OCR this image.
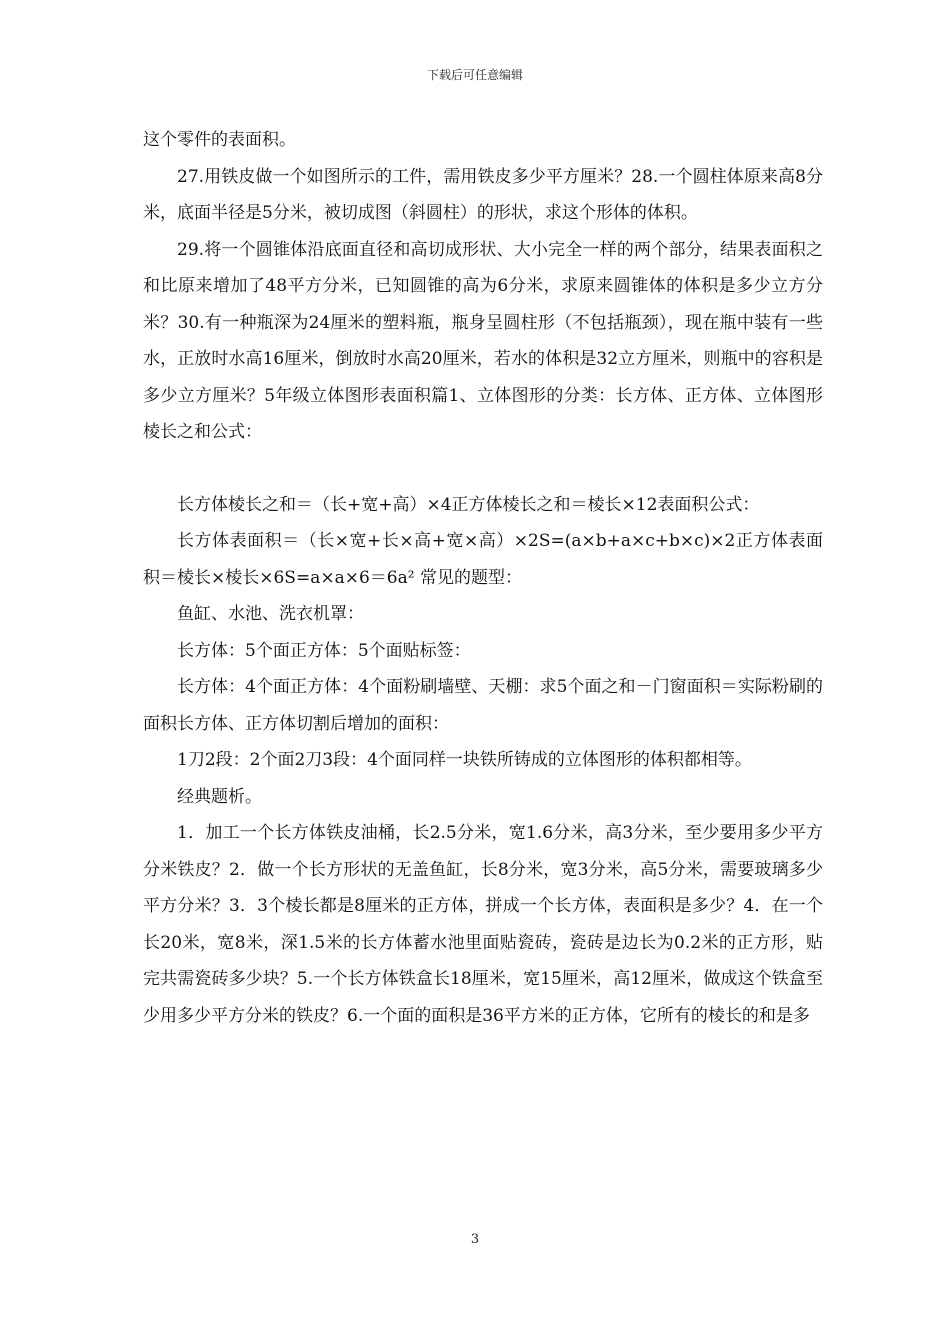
下载后可任意编辑

这个零件的表面积。

27.用铁皮做一个如图所示的工件，需用铁皮多少平方厘米？28.一个圆柱体原来高8分米，底面半径是5分米，被切成图（斜圆柱）的形状，求这个形体的体积。

29.将一个圆锥体沿底面直径和高切成形状、大小完全一样的两个部分，结果表面积之和比原来增加了48平方分米，已知圆锥的高为6分米，求原来圆锥体的体积是多少立方分米？30.有一种瓶深为24厘米的塑料瓶，瓶身呈圆柱形（不包括瓶颈），现在瓶中装有一些水，正放时水高16厘米，倒放时水高20厘米，若水的体积是32立方厘米，则瓶中的容积是多少立方厘米？5年级立体图形表面积篇1、立体图形的分类：长方体、正方体、立体图形棱长之和公式：

长方体棱长之和＝（长+宽+高）×4正方体棱长之和＝棱长×12表面积公式：

长方体表面积＝（长×宽+长×高+宽×高）×2S=(a×b+a×c+b×c)×2正方体表面积＝棱长×棱长×6S=a×a×6＝6a² 常见的题型：

鱼缸、水池、洗衣机罩：

长方体：5个面正方体：5个面贴标签：

长方体：4个面正方体：4个面粉刷墙壁、天棚：求5个面之和－门窗面积＝实际粉刷的面积长方体、正方体切割后增加的面积：

1刀2段：2个面2刀3段：4个面同样一块铁所铸成的立体图形的体积都相等。

经典题析。

1．加工一个长方体铁皮油桶，长2.5分米，宽1.6分米，高3分米，至少要用多少平方分米铁皮？2．做一个长方形状的无盖鱼缸，长8分米，宽3分米，高5分米，需要玻璃多少平方分米？3．3个棱长都是8厘米的正方体，拼成一个长方体，表面积是多少？4．在一个长20米，宽8米，深1.5米的长方体蓄水池里面贴瓷砖，瓷砖是边长为0.2米的正方形，贴完共需瓷砖多少块？5.一个长方体铁盒长18厘米，宽15厘米，高12厘米，做成这个铁盒至少用多少平方分米的铁皮？6.一个面的面积是36平方米的正方体，它所有的棱长的和是多

3
